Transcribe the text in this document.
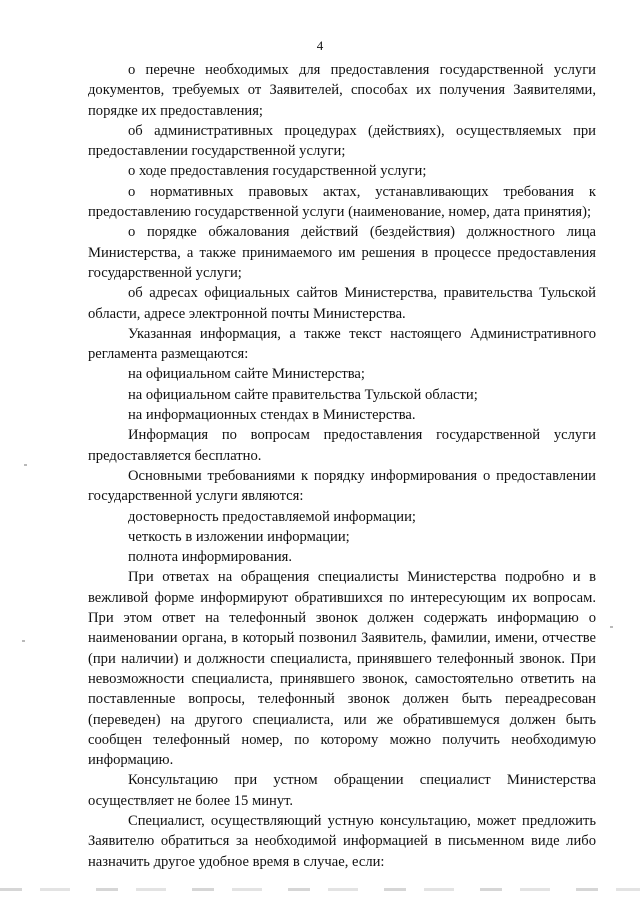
4

о перечне необходимых для предоставления государственной услуги документов, требуемых от Заявителей, способах их получения Заявителями, порядке их предоставления;

об административных процедурах (действиях), осуществляемых при предоставлении государственной услуги;

о ходе предоставления государственной услуги;

о нормативных правовых актах, устанавливающих требования к предоставлению государственной услуги (наименование, номер, дата принятия);

о порядке обжалования действий (бездействия) должностного лица Министерства, а также принимаемого им решения в процессе предоставления государственной услуги;

об адресах официальных сайтов Министерства, правительства Тульской области, адресе электронной почты Министерства.

Указанная информация, а также текст настоящего Административного регламента размещаются:

на официальном сайте Министерства;

на официальном сайте правительства Тульской области;

на информационных стендах в Министерства.

Информация по вопросам предоставления государственной услуги предоставляется бесплатно.

Основными требованиями к порядку информирования о предоставлении государственной услуги являются:

достоверность предоставляемой информации;

четкость в изложении информации;

полнота информирования.

При ответах на обращения специалисты Министерства подробно и в вежливой форме информируют обратившихся по интересующим их вопросам. При этом ответ на телефонный звонок должен содержать информацию о наименовании органа, в который позвонил Заявитель, фамилии, имени, отчестве (при наличии) и должности специалиста, принявшего телефонный звонок. При невозможности специалиста, принявшего звонок, самостоятельно ответить на поставленные вопросы, телефонный звонок должен быть переадресован (переведен) на другого специалиста, или же обратившемуся должен быть сообщен телефонный номер, по которому можно получить необходимую информацию.

Консультацию при устном обращении специалист Министерства осуществляет не более 15 минут.

Специалист, осуществляющий устную консультацию, может предложить Заявителю обратиться за необходимой информацией в письменном виде либо назначить другое удобное время в случае, если:
